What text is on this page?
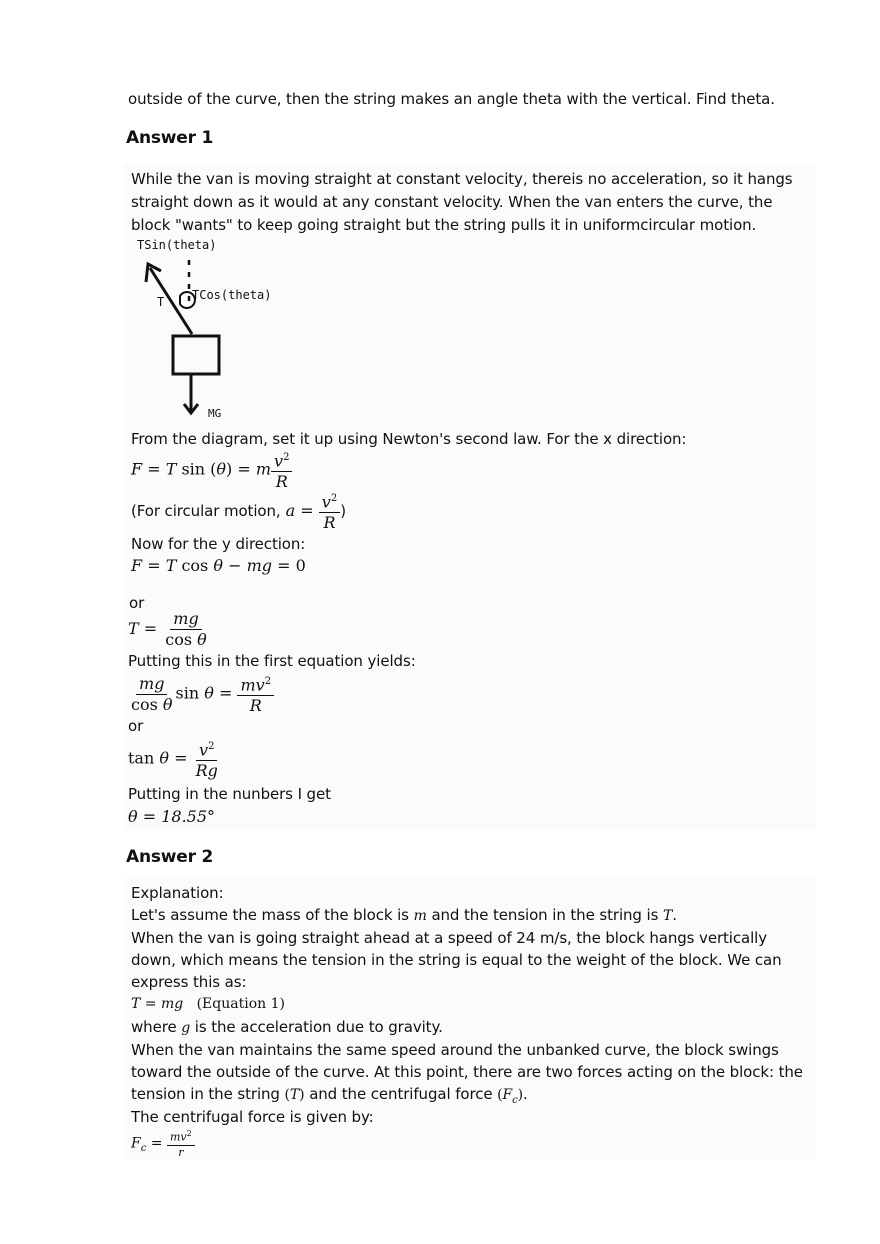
outside of the curve, then the string makes an angle theta with the vertical. Find theta.
Answer 1
While the van is moving straight at constant velocity, thereis no acceleration, so it hangs
straight down as it would at any constant velocity. When the van enters the curve, the
block "wants" to keep going straight but the string pulls it in uniformcircular motion.
TSin(theta)
TCos(theta)
T
MG
From the diagram, set it up using Newton's second law. For the x direction:
F = T sin (θ) = m $\frac{v^2}{R}$
(For circular motion, $a = \frac{v^2}{R}$ )
Now for the y direction:
F = T cos θ − mg = 0
or
$T = \frac{mg}{\text{cos θ}}$
Putting this in the first equation yields:
$\frac{mg}{\text{cos θ}}$ $\sin \theta = \frac{mv^2}{R}$
or
$\tan \theta = \frac{v^2}{Rg}$
Putting in the nunbers I get
θ = 18.55°
Answer 2
Explanation:
Let's assume the mass of the block is m and the tension in the string is T.
When the van is going straight ahead at a speed of 24 m/s, the block hangs vertically
down, which means the tension in the string is equal to the weight of the block. We can
express this as:
T = mg (Equation 1)
where g is the acceleration due to gravity.
When the van maintains the same speed around the unbanked curve, the block swings
toward the outside of the curve. At this point, there are two forces acting on the block: the
tension in the string (T) and the centrifugal force $(F_c)$.
The centrifugal force is given by:
$F_c = \frac{mv^2}{r}$
